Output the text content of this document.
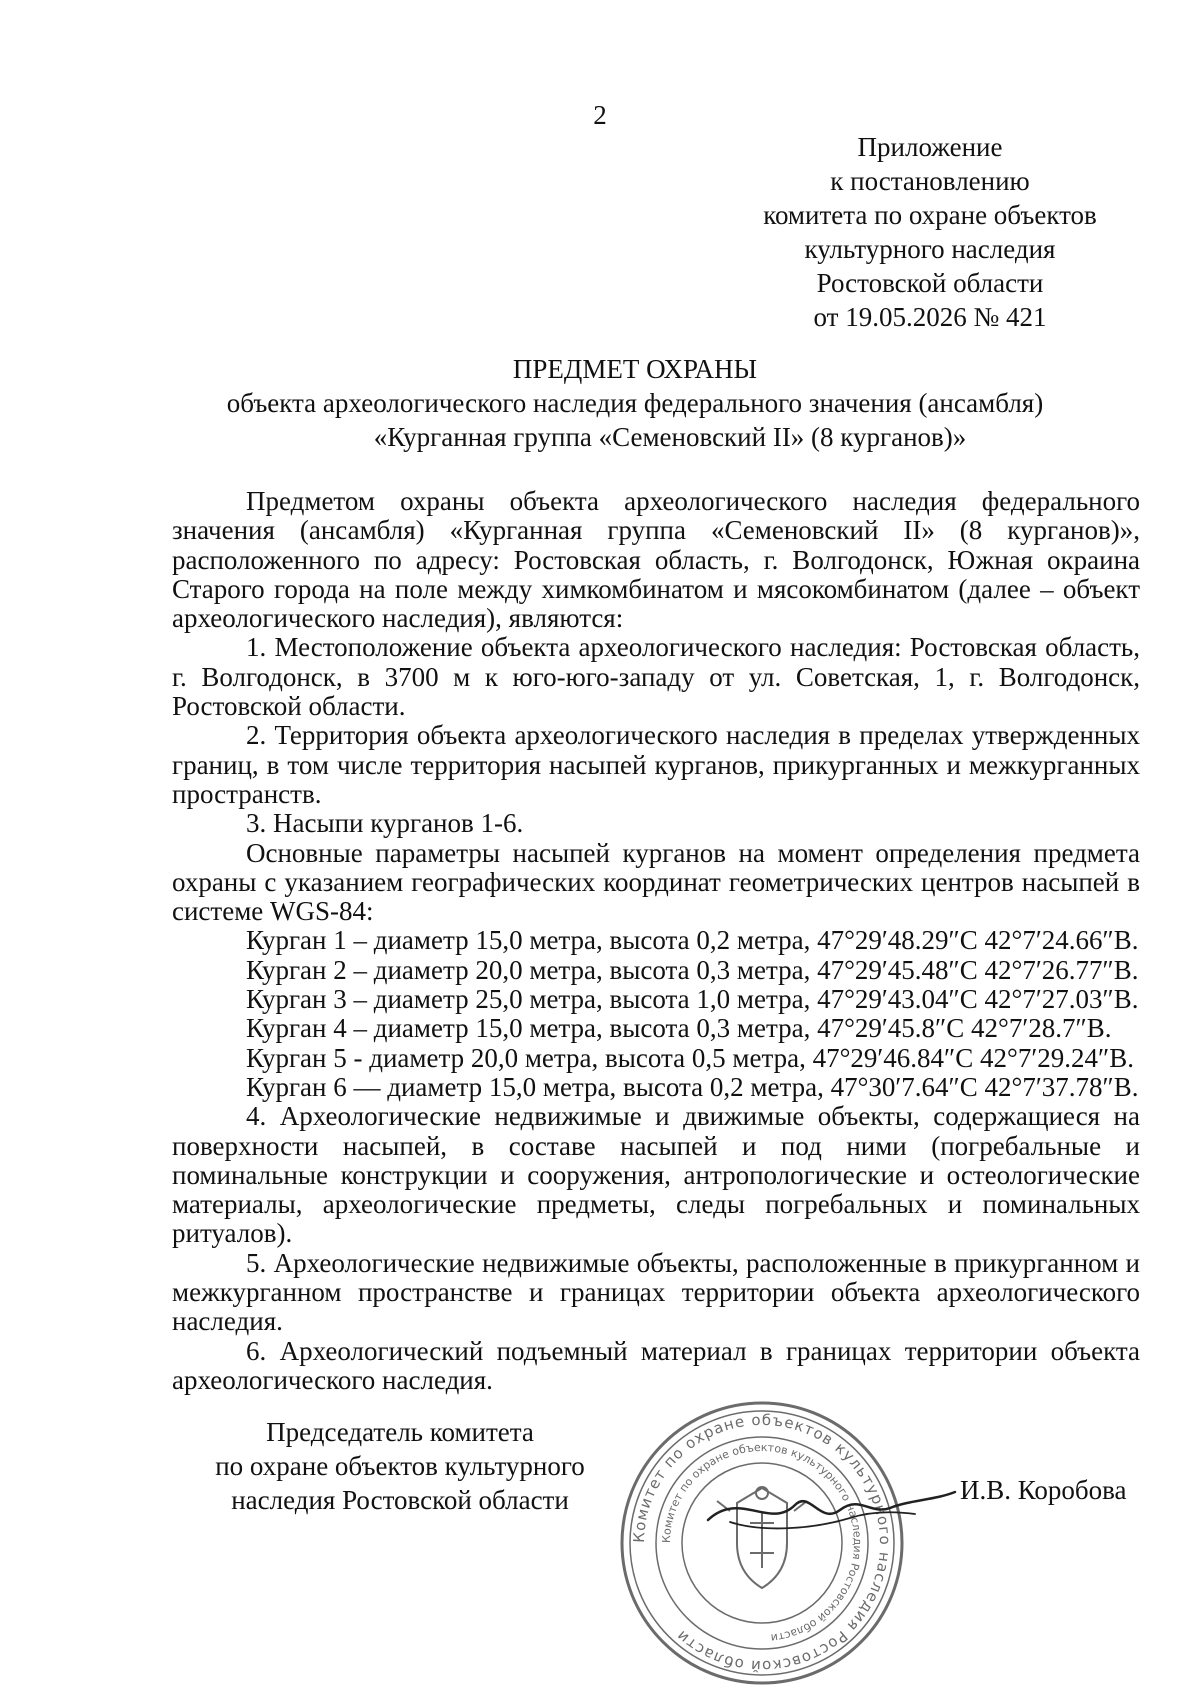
2
Приложение
к постановлению
комитета по охране объектов
культурного наследия
Ростовской области
от 19.05.2026 № 421
ПРЕДМЕТ ОХРАНЫ
объекта археологического наследия федерального значения (ансамбля)
«Курганная группа «Семеновский II» (8 курганов)»

Предметом охраны объекта археологического наследия федерального значения (ансамбля) «Курганная группа «Семеновский II» (8 курганов)», расположенного по адресу: Ростовская область, г. Волгодонск, Южная окраина Старого города на поле между химкомбинатом и мясокомбинатом (далее – объект археологического наследия), являются:

1. Местоположение объекта археологического наследия: Ростовская область, г. Волгодонск, в 3700 м к юго-юго-западу от ул. Советская, 1, г. Волгодонск, Ростовской области.

2. Территория объекта археологического наследия в пределах утвержденных границ, в том числе территория насыпей курганов, прикурганных и межкурганных пространств.

3. Насыпи курганов 1-6.

Основные параметры насыпей курганов на момент определения предмета охраны с указанием географических координат геометрических центров насыпей в системе WGS-84:

Курган 1 – диаметр 15,0 метра, высота 0,2 метра, 47°29′48.29″С 42°7′24.66″В.

Курган 2 – диаметр 20,0 метра, высота 0,3 метра, 47°29′45.48″С 42°7′26.77″В.

Курган 3 – диаметр 25,0 метра, высота 1,0 метра, 47°29′43.04″С 42°7′27.03″В.

Курган 4 – диаметр 15,0 метра, высота 0,3 метра, 47°29′45.8″С 42°7′28.7″В.

Курган 5 - диаметр 20,0 метра, высота 0,5 метра, 47°29′46.84″С 42°7′29.24″В.

Курган 6 — диаметр 15,0 метра, высота 0,2 метра, 47°30′7.64″С 42°7′37.78″В.

4. Археологические недвижимые и движимые объекты, содержащиеся на поверхности насыпей, в составе насыпей и под ними (погребальные и поминальные конструкции и сооружения, антропологические и остеологические материалы, археологические предметы, следы погребальных и поминальных ритуалов).

5. Археологические недвижимые объекты, расположенные в прикурганном и межкурганном пространстве и границах территории объекта археологического наследия.

6. Археологический подъемный материал в границах территории объекта археологического наследия.

Председатель комитета
по охране объектов культурного
наследия Ростовской области
Комитет по охране объектов культурного наследия Ростовской области
Комитет по охране объектов культурного наследия Ростовской области
И.В. Коробова
